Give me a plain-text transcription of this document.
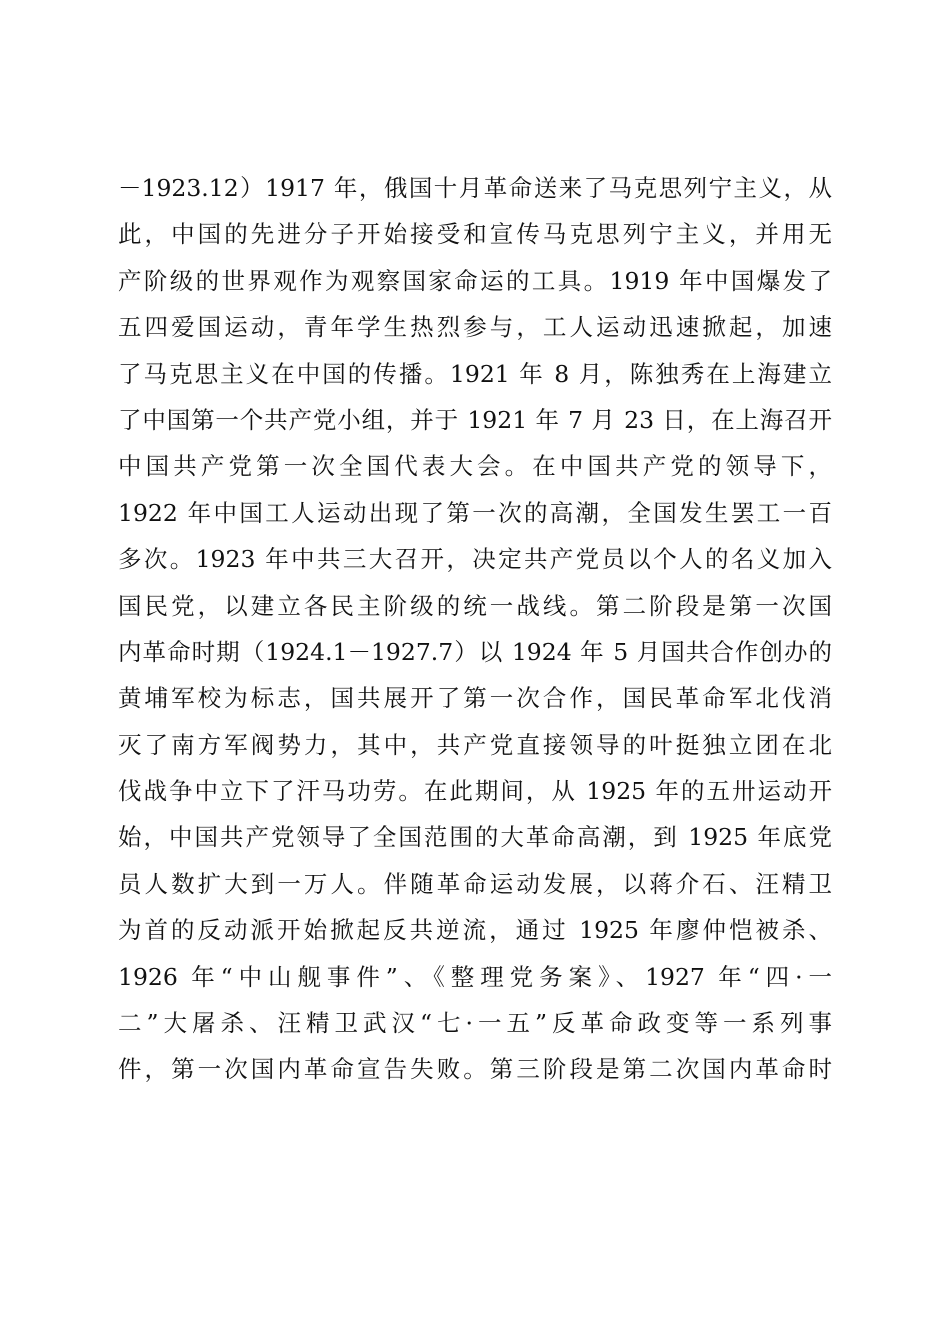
－1923.12）1917 年，俄国十月革命送来了马克思列宁主义，从
此，中国的先进分子开始接受和宣传马克思列宁主义，并用无
产阶级的世界观作为观察国家命运的工具。1919 年中国爆发了
五四爱国运动，青年学生热烈参与，工人运动迅速掀起，加速
了马克思主义在中国的传播。1921 年 8 月，陈独秀在上海建立
了中国第一个共产党小组，并于 1921 年 7 月 23 日，在上海召开
中国共产党第一次全国代表大会。在中国共产党的领导下，
1922 年中国工人运动出现了第一次的高潮，全国发生罢工一百
多次。1923 年中共三大召开，决定共产党员以个人的名义加入
国民党，以建立各民主阶级的统一战线。第二阶段是第一次国
内革命时期（1924.1－1927.7）以 1924 年 5 月国共合作创办的
黄埔军校为标志，国共展开了第一次合作，国民革命军北伐消
灭了南方军阀势力，其中，共产党直接领导的叶挺独立团在北
伐战争中立下了汗马功劳。在此期间，从 1925 年的五卅运动开
始，中国共产党领导了全国范围的大革命高潮，到 1925 年底党
员人数扩大到一万人。伴随革命运动发展，以蒋介石、汪精卫
为首的反动派开始掀起反共逆流，通过 1925 年廖仲恺被杀、
1926 年“中山舰事件”、《整理党务案》、1927 年“四·一
二”大屠杀、汪精卫武汉“七·一五”反革命政变等一系列事
件，第一次国内革命宣告失败。第三阶段是第二次国内革命时
